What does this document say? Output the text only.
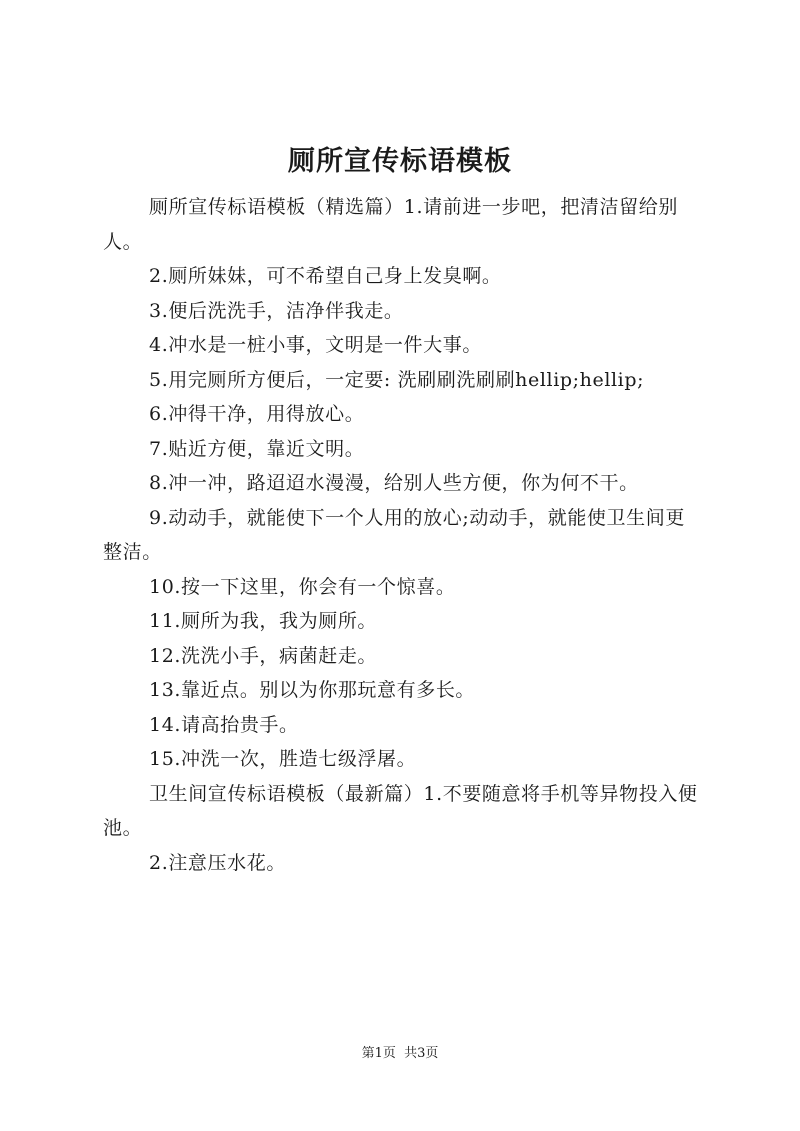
厕所宣传标语模板

厕所宣传标语模板（精选篇）1.请前进一步吧，把清洁留给别人。

2.厕所妹妹，可不希望自己身上发臭啊。

3.便后洗洗手，洁净伴我走。

4.冲水是一桩小事，文明是一件大事。

5.用完厕所方便后，一定要: 洗刷刷洗刷刷hellip;hellip;

6.冲得干净，用得放心。

7.贴近方便，靠近文明。

8.冲一冲，路迢迢水漫漫，给别人些方便，你为何不干。

9.动动手，就能使下一个人用的放心;动动手，就能使卫生间更整洁。

10.按一下这里，你会有一个惊喜。

11.厕所为我，我为厕所。

12.洗洗小手，病菌赶走。

13.靠近点。别以为你那玩意有多长。

14.请高抬贵手。

15.冲洗一次，胜造七级浮屠。

卫生间宣传标语模板（最新篇）1.不要随意将手机等异物投入便池。

2.注意压水花。

第1页  共3页
